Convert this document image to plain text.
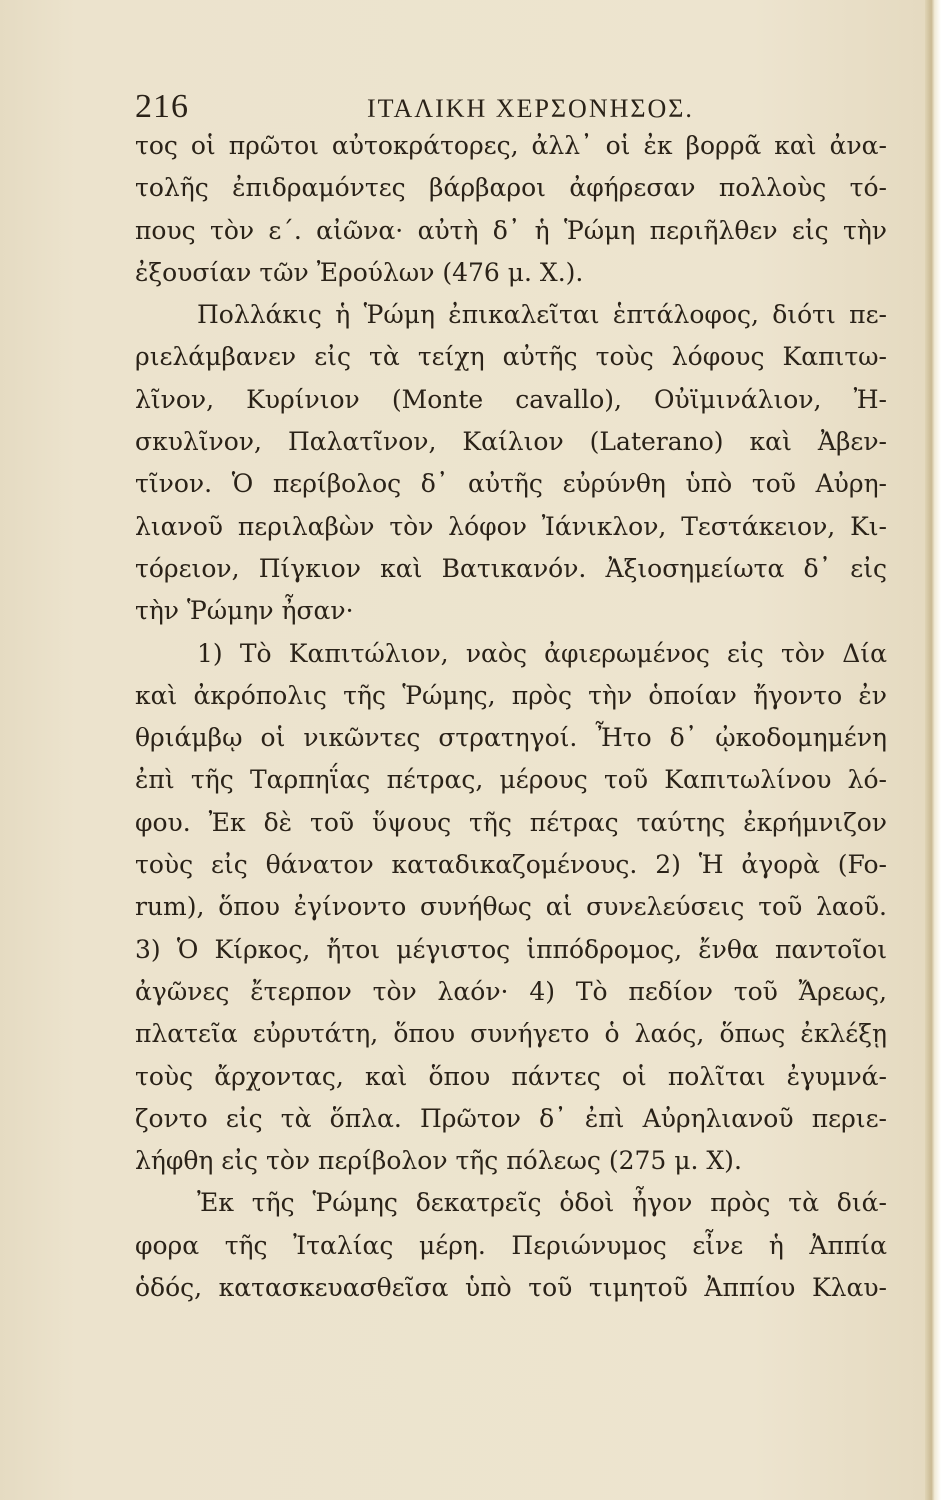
216	ΙΤΑΛΙΚΗ ΧΕΡΣΟΝΗΣΟΣ.
τος οἱ πρῶτοι αὐτοκράτορες, ἀλλ᾽ οἱ ἐκ βορρᾶ καὶ ἀνα-
τολῆς ἐπιδραμόντες βάρβαροι ἀφήρεσαν πολλοὺς τό-
πους τὸν ε΄. αἰῶνα· αὐτὴ δ᾽ ἡ Ῥώμη περιῆλθεν εἰς τὴν
ἐξουσίαν τῶν Ἐρούλων (476 μ. Χ.).
Πολλάκις ἡ Ῥώμη ἐπικαλεῖται ἑπτάλοφος, διότι πε-
ριελάμβανεν εἰς τὰ τείχη αὐτῆς τοὺς λόφους Καπιτω-
λῖνον, Κυρίνιον (Monte cavallo), Οὐϊμινάλιον, Ἠ-
σκυλῖνον, Παλατῖνον, Καίλιον (Laterano) καὶ Ἀβεν-
τῖνον. Ὁ περίβολος δ᾽ αὐτῆς εὐρύνθη ὑπὸ τοῦ Αὐρη-
λιανοῦ περιλαβὼν τὸν λόφον Ἰάνικλον, Τεστάκειον, Κι-
τόρειον, Πίγκιον καὶ Βατικανόν. Ἀξιοσημείωτα δ᾽ εἰς
τὴν Ῥώμην ἦσαν·
1) Τὸ Καπιτώλιον, ναὸς ἀφιερωμένος εἰς τὸν Δία
καὶ ἀκρόπολις τῆς Ῥώμης, πρὸς τὴν ὁποίαν ἤγοντο ἐν
θριάμβῳ οἱ νικῶντες στρατηγοί. Ἦτο δ᾽ ᾠκοδομημένη
ἐπὶ τῆς Ταρπηΐας πέτρας, μέρους τοῦ Καπιτωλίνου λό-
φου. Ἐκ δὲ τοῦ ὕψους τῆς πέτρας ταύτης ἐκρήμνιζον
τοὺς εἰς θάνατον καταδικαζομένους. 2) Ἡ ἀγορὰ (Fo-
rum), ὅπου ἐγίνοντο συνήθως αἱ συνελεύσεις τοῦ λαοῦ.
3) Ὁ Κίρκος, ἤτοι μέγιστος ἱππόδρομος, ἔνθα παντοῖοι
ἀγῶνες ἔτερπον τὸν λαόν· 4) Τὸ πεδίον τοῦ Ἄρεως,
πλατεῖα εὐρυτάτη, ὅπου συνήγετο ὁ λαός, ὅπως ἐκλέξῃ
τοὺς ἄρχοντας, καὶ ὅπου πάντες οἱ πολῖται ἐγυμνά-
ζοντο εἰς τὰ ὅπλα. Πρῶτον δ᾽ ἐπὶ Αὐρηλιανοῦ περιε-
λήφθη εἰς τὸν περίβολον τῆς πόλεως (275 μ. Χ).
Ἐκ τῆς Ῥώμης δεκατρεῖς ὁδοὶ ἦγον πρὸς τὰ διά-
φορα τῆς Ἰταλίας μέρη. Περιώνυμος εἶνε ἡ Ἀππία
ὁδός, κατασκευασθεῖσα ὑπὸ τοῦ τιμητοῦ Ἀππίου Κλαυ-
